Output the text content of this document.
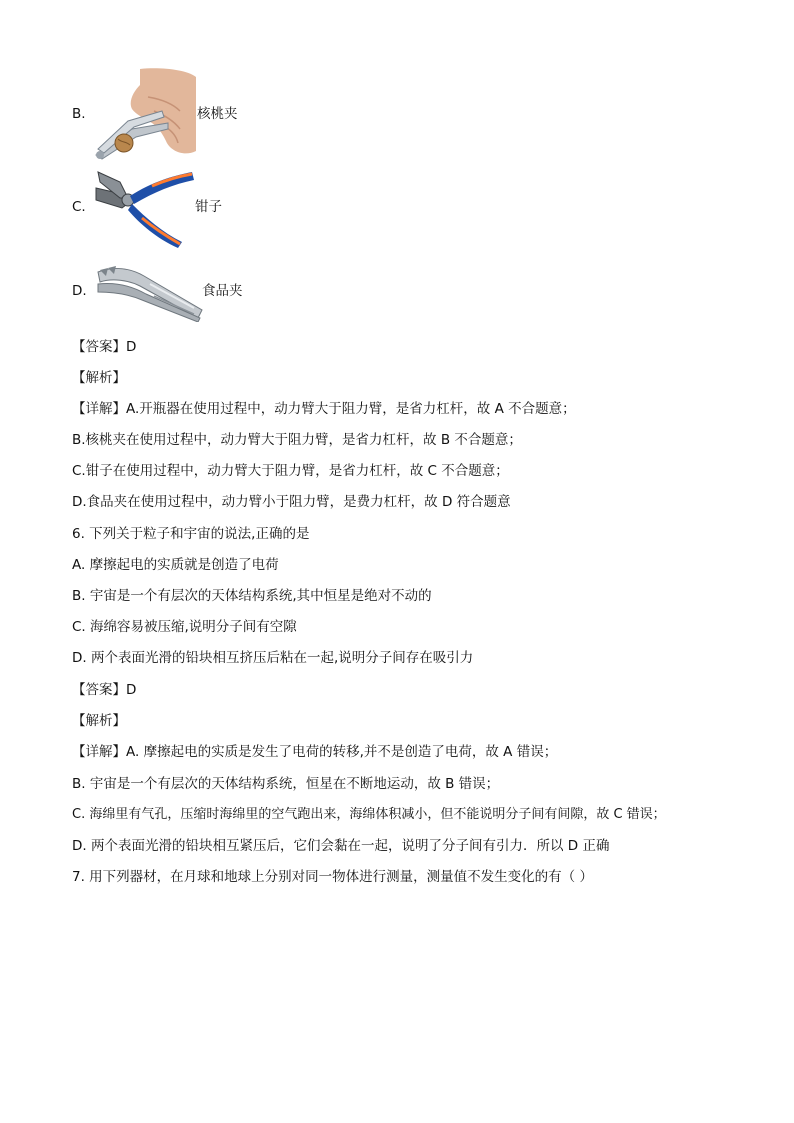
B.	核桃夹
C.	钳子
D.	食品夹
【答案】D
【解析】
【详解】A.开瓶器在使用过程中，动力臂大于阻力臂，是省力杠杆，故 A 不合题意；
B.核桃夹在使用过程中，动力臂大于阻力臂，是省力杠杆，故 B 不合题意；
C.钳子在使用过程中，动力臂大于阻力臂，是省力杠杆，故 C 不合题意；
D.食品夹在使用过程中，动力臂小于阻力臂，是费力杠杆，故 D 符合题意
6. 下列关于粒子和宇宙的说法,正确的是
A. 摩擦起电的实质就是创造了电荷
B. 宇宙是一个有层次的天体结构系统,其中恒星是绝对不动的
C. 海绵容易被压缩,说明分子间有空隙
D. 两个表面光滑的铅块相互挤压后粘在一起,说明分子间存在吸引力
【答案】D
【解析】
【详解】A. 摩擦起电的实质是发生了电荷的转移,并不是创造了电荷，故 A 错误；
B. 宇宙是一个有层次的天体结构系统，恒星在不断地运动，故 B 错误；
C. 海绵里有气孔，压缩时海绵里的空气跑出来，海绵体积减小，但不能说明分子间有间隙，故 C 错误；
D. 两个表面光滑的铅块相互紧压后，它们会黏在一起，说明了分子间有引力．所以 D 正确
7. 用下列器材，在月球和地球上分别对同一物体进行测量，测量值不发生变化的有（ ）
